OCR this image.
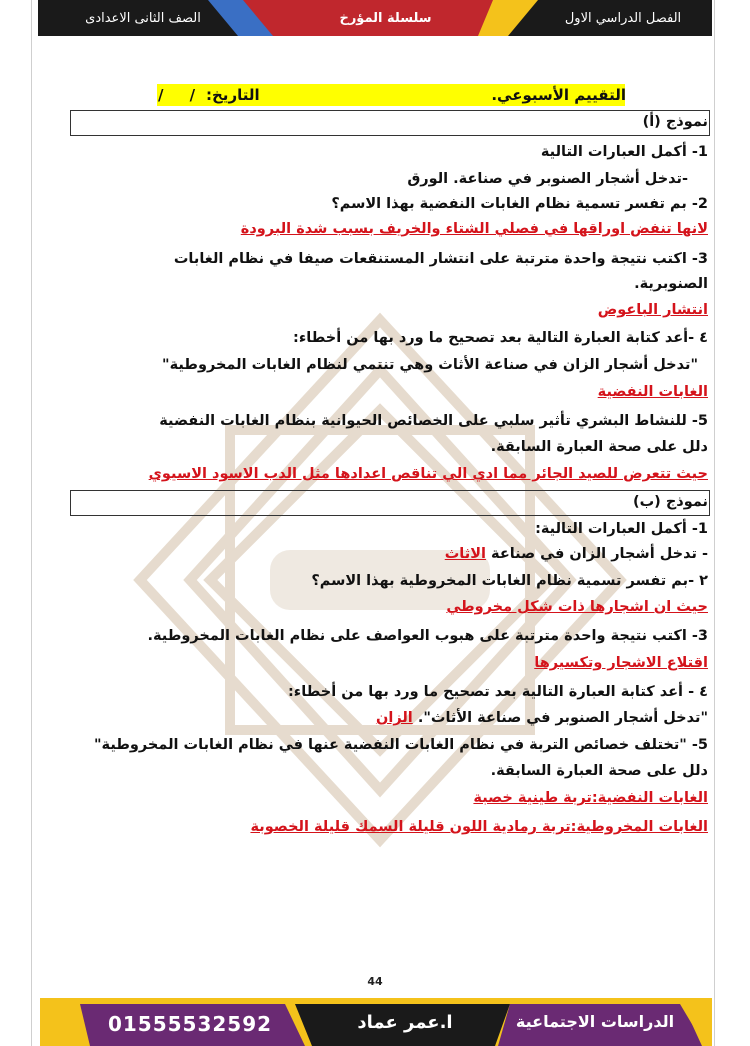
الصف الثانى الاعدادى	سلسلة المؤرخ	الفصل الدراسي الاول
التقييم الأسبوعي.
التاريخ:
/     /
نموذج (أ)
1- أكمل العبارات التالية
-تدخل أشجار الصنوبر في صناعة. الورق
2- بم تفسر تسمية نظام الغابات النفضية بهذا الاسم؟
لانها تنفض اوراقها في فصلي الشتاء والخريف بسبب شدة البرودة
3- اكتب نتيجة واحدة مترتبة على انتشار المستنقعات صيفا في نظام الغابات
الصنوبرية.
انتشار الباعوض
٤ -أعد كتابة العبارة التالية بعد تصحيح ما ورد بها من أخطاء:
"تدخل أشجار الزان في صناعة الأثاث وهي تنتمي لنظام الغابات المخروطية"
الغابات النفضية
5- للنشاط البشري تأثير سلبي على الخصائص الحيوانية بنظام الغابات النفضية
دلل على صحة العبارة السابقة.
حيث تتعرض للصيد الجائر مما ادي الي تناقص اعدادها مثل الدب الاسود الاسيوي
نموذج (ب)
1- أكمل العبارات التالية:
- تدخل أشجار الزان في صناعة الاثاث
٢ -بم تفسر تسمية نظام الغابات المخروطية بهذا الاسم؟
حيث ان اشجارها ذات شكل مخروطي
3- اكتب نتيجة واحدة مترتبة على هبوب العواصف على نظام الغابات المخروطية.
اقتلاع الاشجار وتكسيرها
٤ - أعد كتابة العبارة التالية بعد تصحيح ما ورد بها من أخطاء:
"تدخل أشجار الصنوبر في صناعة الأثاث". الزان
5- "تختلف خصائص التربة في نظام الغابات النفضية عنها في نظام الغابات المخروطية"
دلل على صحة العبارة السابقة.
الغابات النفضية:تربة طينية خصبة
الغابات المخروطية:تربة رمادية اللون قليلة السمك قليلة الخصوبة
44
01555532592	ا.عمر عماد	الدراسات الاجتماعية
